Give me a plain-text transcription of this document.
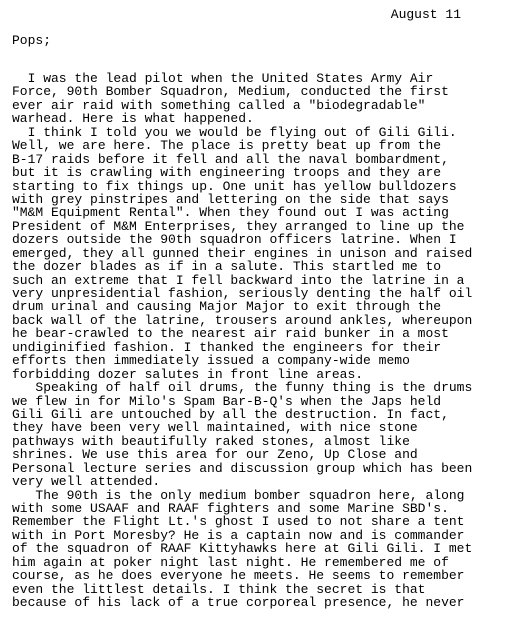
August 11
Pops;
I was the lead pilot when the United States Army Air
Force, 90th Bomber Squadron, Medium, conducted the first
ever air raid with something called a "biodegradable"
warhead. Here is what happened.
I think I told you we would be flying out of Gili Gili.
Well, we are here. The place is pretty beat up from the
B-17 raids before it fell and all the naval bombardment,
but it is crawling with engineering troops and they are
starting to fix things up. One unit has yellow bulldozers
with grey pinstripes and lettering on the side that says
"M&M Equipment Rental". When they found out I was acting
President of M&M Enterprises, they arranged to line up the
dozers outside the 90th squadron officers latrine. When I
emerged, they all gunned their engines in unison and raised
the dozer blades as if in a salute. This startled me to
such an extreme that I fell backward into the latrine in a
very unpresidential fashion, seriously denting the half oil
drum urinal and causing Major Major to exit through the
back wall of the latrine, trousers around ankles, whereupon
he bear-crawled to the nearest air raid bunker in a most
undiginified fashion. I thanked the engineers for their
efforts then immediately issued a company-wide memo
forbidding dozer salutes in front line areas.
Speaking of half oil drums, the funny thing is the drums
we flew in for Milo's Spam Bar-B-Q's when the Japs held
Gili Gili are untouched by all the destruction. In fact,
they have been very well maintained, with nice stone
pathways with beautifully raked stones, almost like
shrines. We use this area for our Zeno, Up Close and
Personal lecture series and discussion group which has been
very well attended.
The 90th is the only medium bomber squadron here, along
with some USAAF and RAAF fighters and some Marine SBD's.
Remember the Flight Lt.'s ghost I used to not share a tent
with in Port Moresby? He is a captain now and is commander
of the squadron of RAAF Kittyhawks here at Gili Gili. I met
him again at poker night last night. He remembered me of
course, as he does everyone he meets. He seems to remember
even the littlest details. I think the secret is that
because of his lack of a true corporeal presence, he never
